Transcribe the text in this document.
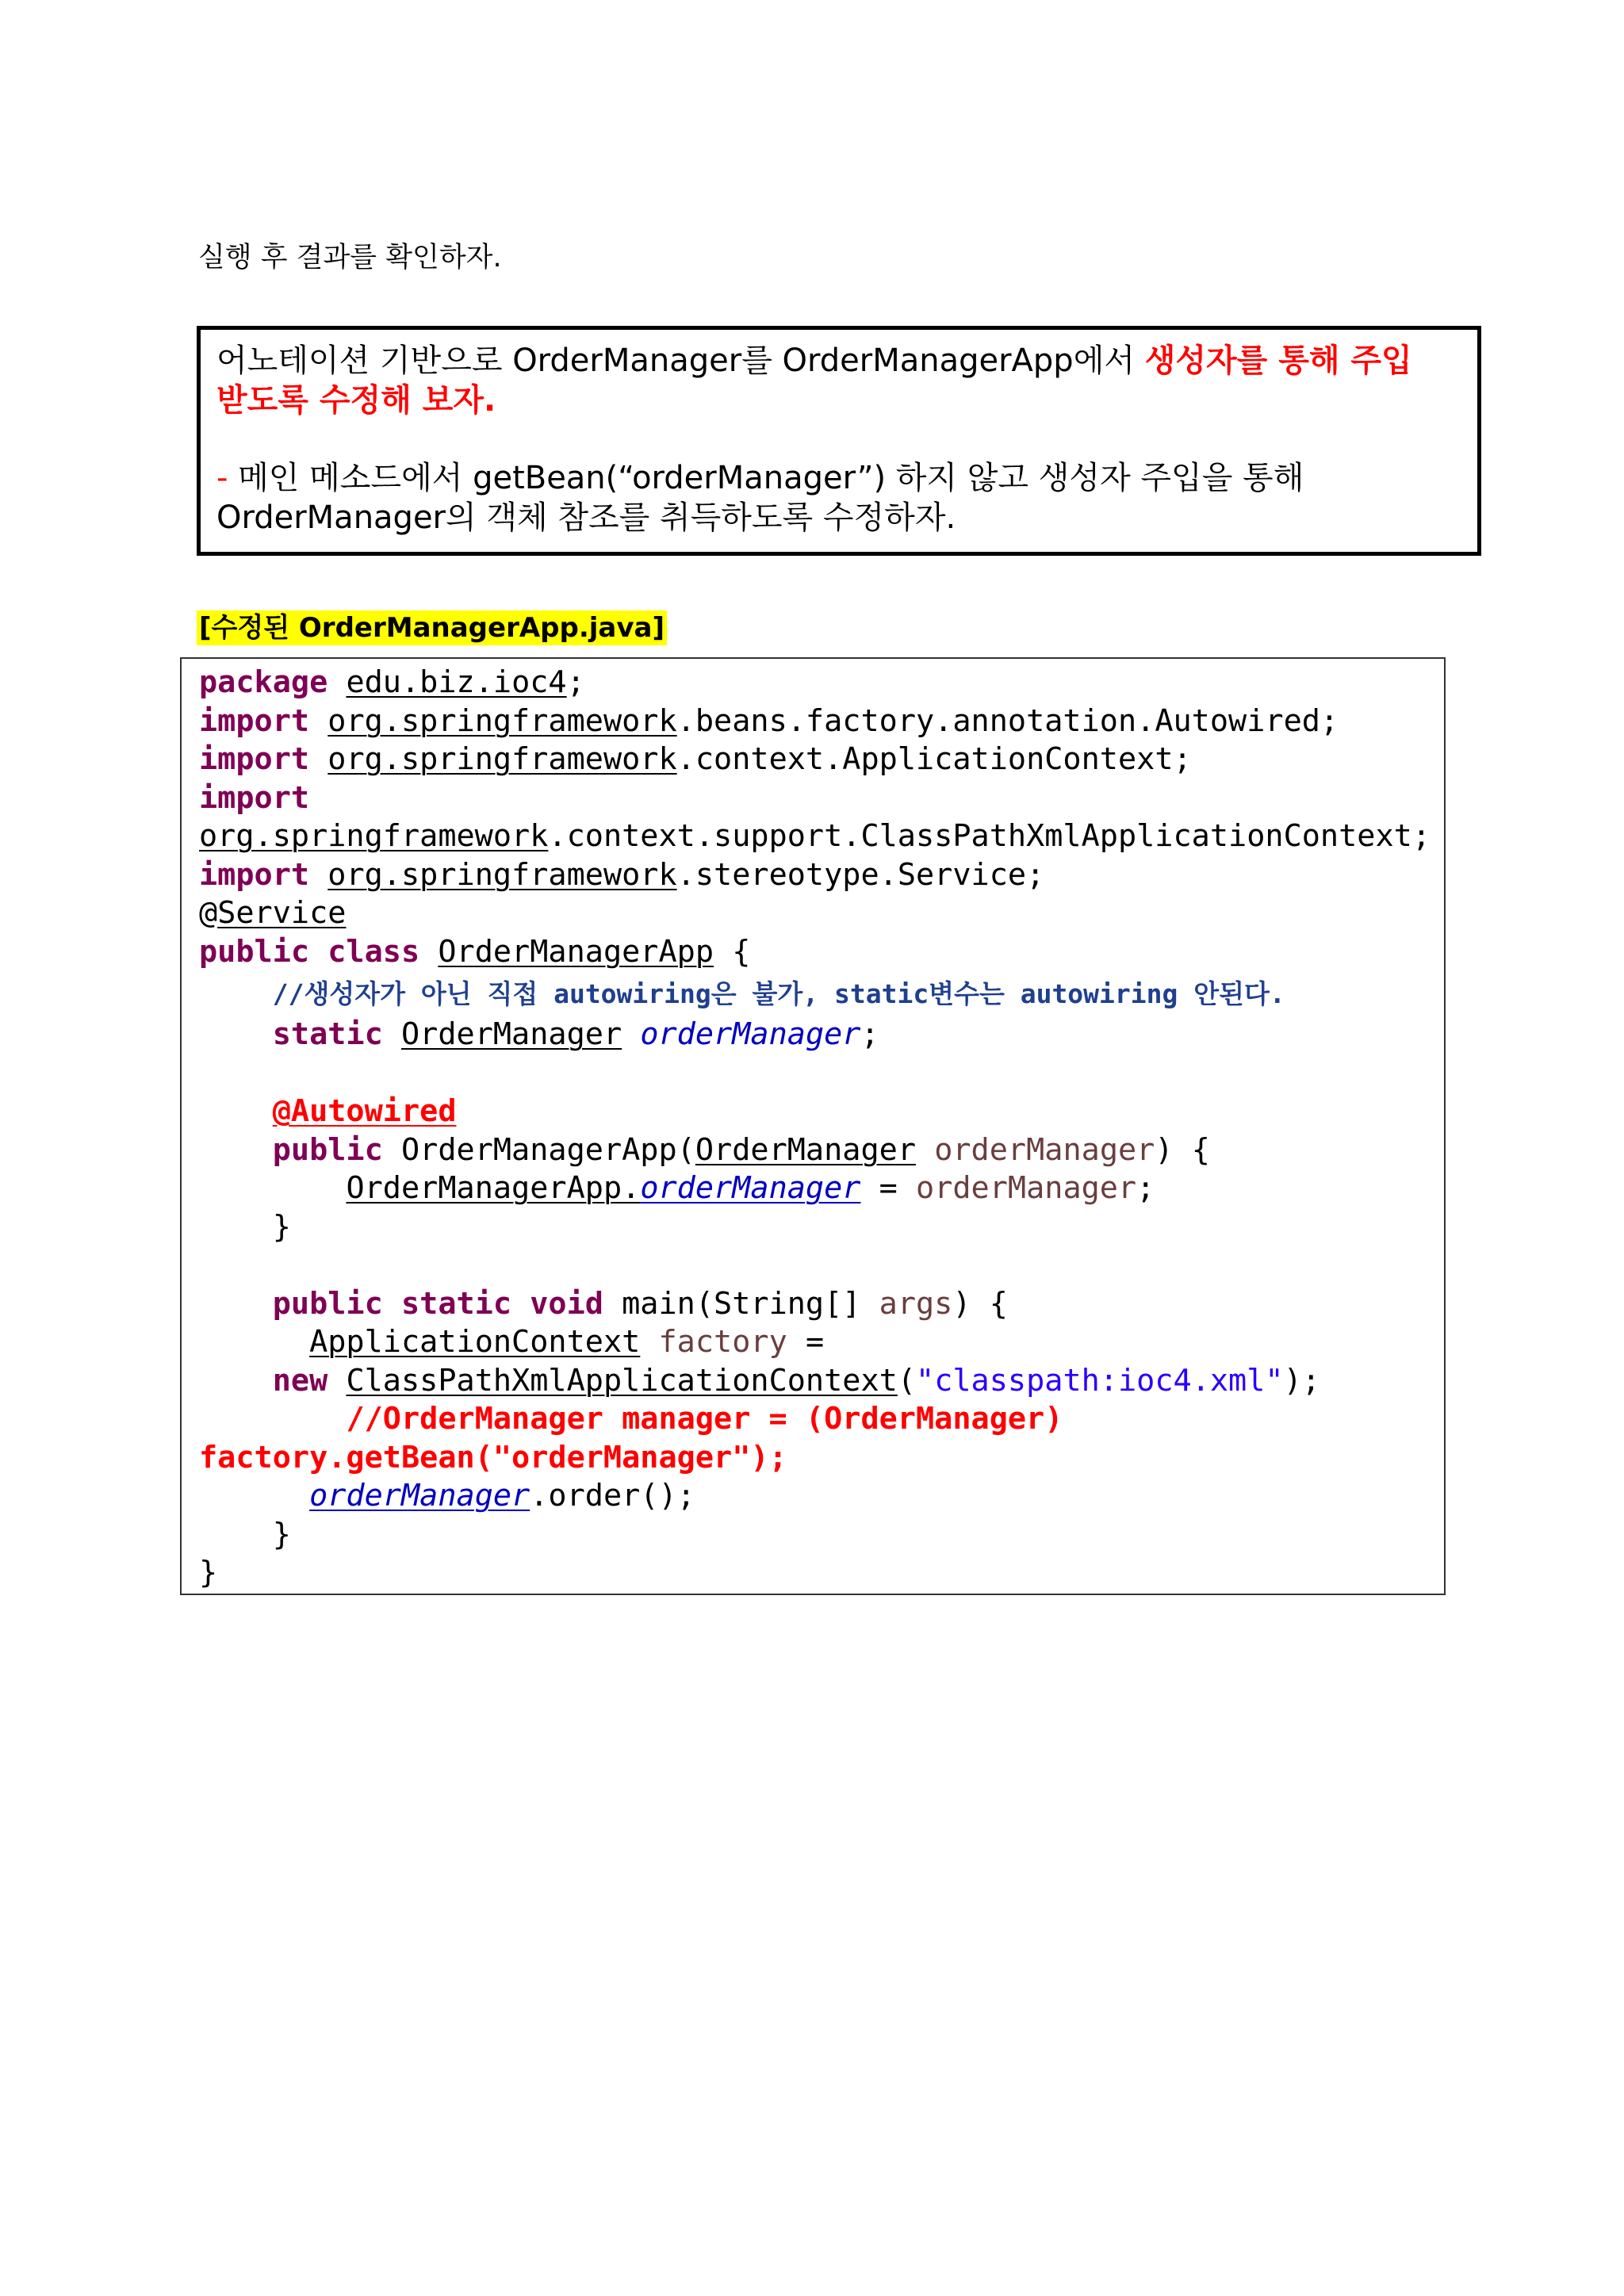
실행 후 결과를 확인하자.
어노테이션 기반으로 OrderManager를 OrderManagerApp에서 생성자를 통해 주입
받도록 수정해 보자.
- 메인 메소드에서 getBean(“orderManager”) 하지 않고 생성자 주입을 통해
OrderManager의 객체 참조를 취득하도록 수정하자.
[수정된 OrderManagerApp.java]
package edu.biz.ioc4;
import org.springframework.beans.factory.annotation.Autowired;
import org.springframework.context.ApplicationContext;
import
org.springframework.context.support.ClassPathXmlApplicationContext;
import org.springframework.stereotype.Service;
@Service
public class OrderManagerApp {
//생성자가 아닌 직접 autowiring은 불가, static변수는 autowiring 안된다.
static OrderManager orderManager;

@Autowired
public OrderManagerApp(OrderManager orderManager) {
OrderManagerApp.orderManager = orderManager;
}

public static void main(String[] args) {
ApplicationContext factory =
new ClassPathXmlApplicationContext("classpath:ioc4.xml");
//OrderManager manager = (OrderManager)
factory.getBean("orderManager");
orderManager.order();
}
}
